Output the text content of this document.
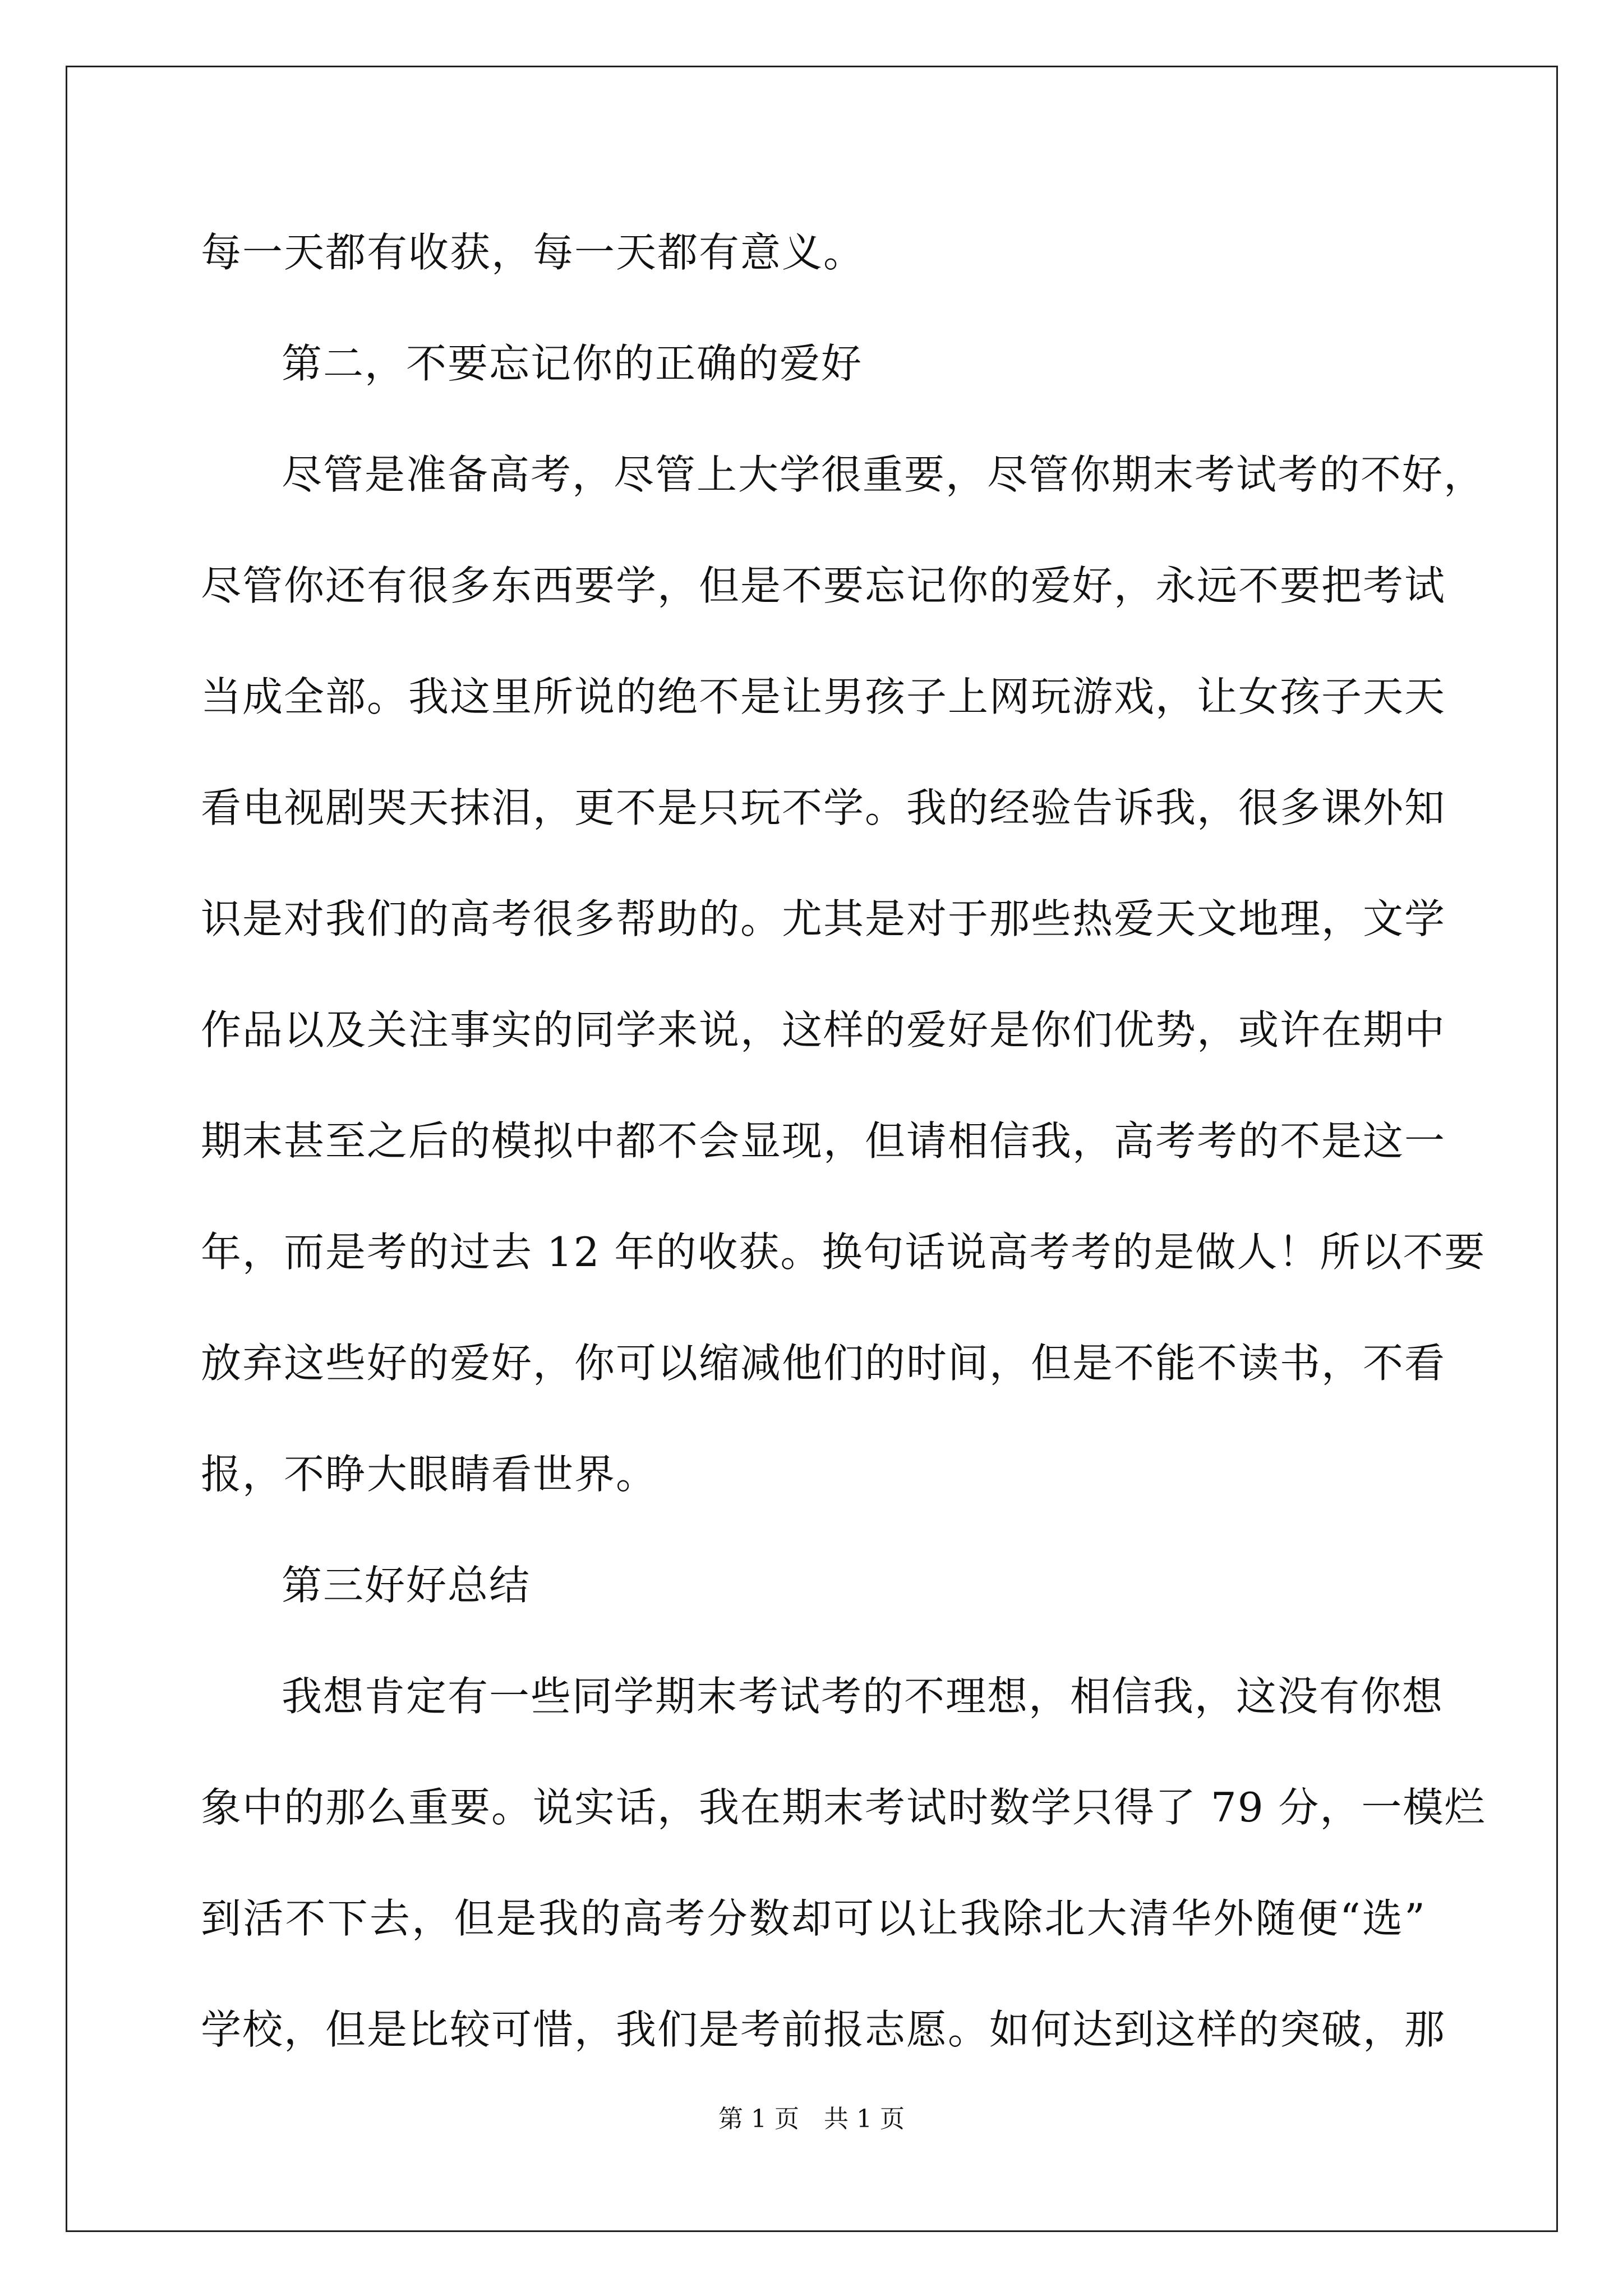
每一天都有收获，每一天都有意义。
第二，不要忘记你的正确的爱好
尽管是准备高考，尽管上大学很重要，尽管你期末考试考的不好，
尽管你还有很多东西要学，但是不要忘记你的爱好，永远不要把考试
当成全部。我这里所说的绝不是让男孩子上网玩游戏，让女孩子天天
看电视剧哭天抹泪，更不是只玩不学。我的经验告诉我，很多课外知
识是对我们的高考很多帮助的。尤其是对于那些热爱天文地理，文学
作品以及关注事实的同学来说，这样的爱好是你们优势，或许在期中
期末甚至之后的模拟中都不会显现，但请相信我，高考考的不是这一
年，而是考的过去 12 年的收获。换句话说高考考的是做人！所以不要
放弃这些好的爱好，你可以缩减他们的时间，但是不能不读书，不看
报，不睁大眼睛看世界。
第三好好总结
我想肯定有一些同学期末考试考的不理想，相信我，这没有你想
象中的那么重要。说实话，我在期末考试时数学只得了 79 分，一模烂
到活不下去，但是我的高考分数却可以让我除北大清华外随便“选”
学校，但是比较可惜，我们是考前报志愿。如何达到这样的突破，那
第 1 页　共 1 页
